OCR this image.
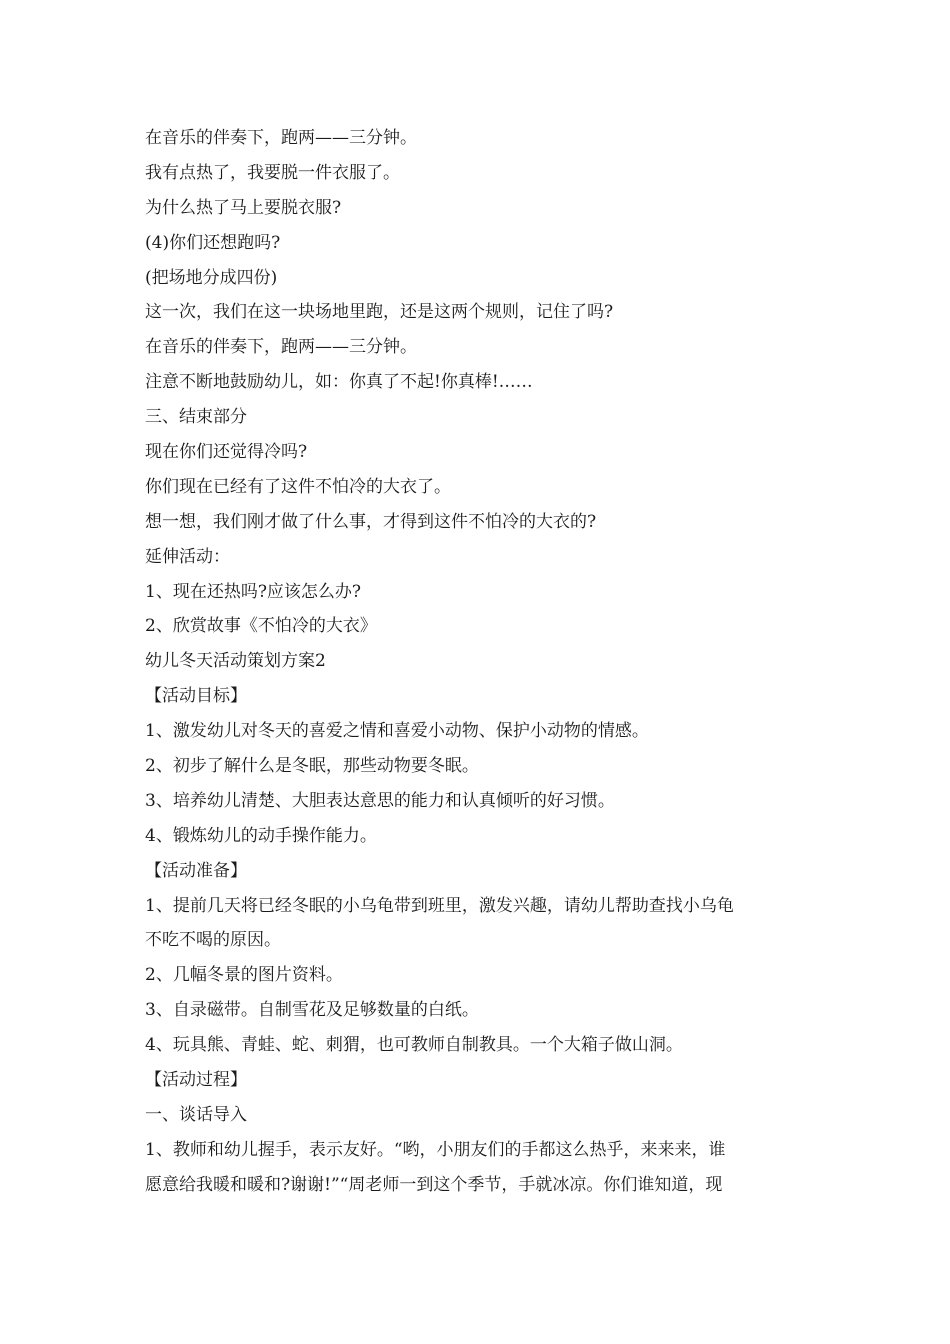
在音乐的伴奏下，跑两——三分钟。
我有点热了，我要脱一件衣服了。
为什么热了马上要脱衣服?
(4)你们还想跑吗?
(把场地分成四份)
这一次，我们在这一块场地里跑，还是这两个规则，记住了吗?
在音乐的伴奏下，跑两——三分钟。
注意不断地鼓励幼儿，如：你真了不起!你真棒!……
三、结束部分
现在你们还觉得冷吗?
你们现在已经有了这件不怕冷的大衣了。
想一想，我们刚才做了什么事，才得到这件不怕冷的大衣的?
延伸活动：
1、现在还热吗?应该怎么办?
2、欣赏故事《不怕冷的大衣》
幼儿冬天活动策划方案2
【活动目标】
1、激发幼儿对冬天的喜爱之情和喜爱小动物、保护小动物的情感。
2、初步了解什么是冬眠，那些动物要冬眠。
3、培养幼儿清楚、大胆表达意思的能力和认真倾听的好习惯。
4、锻炼幼儿的动手操作能力。
【活动准备】
1、提前几天将已经冬眠的小乌龟带到班里，激发兴趣，请幼儿帮助查找小乌龟
不吃不喝的原因。
2、几幅冬景的图片资料。
3、自录磁带。自制雪花及足够数量的白纸。
4、玩具熊、青蛙、蛇、刺猬，也可教师自制教具。一个大箱子做山洞。
【活动过程】
一、谈话导入
1、教师和幼儿握手，表示友好。“哟，小朋友们的手都这么热乎，来来来，谁
愿意给我暖和暖和?谢谢!”“周老师一到这个季节，手就冰凉。你们谁知道，现
